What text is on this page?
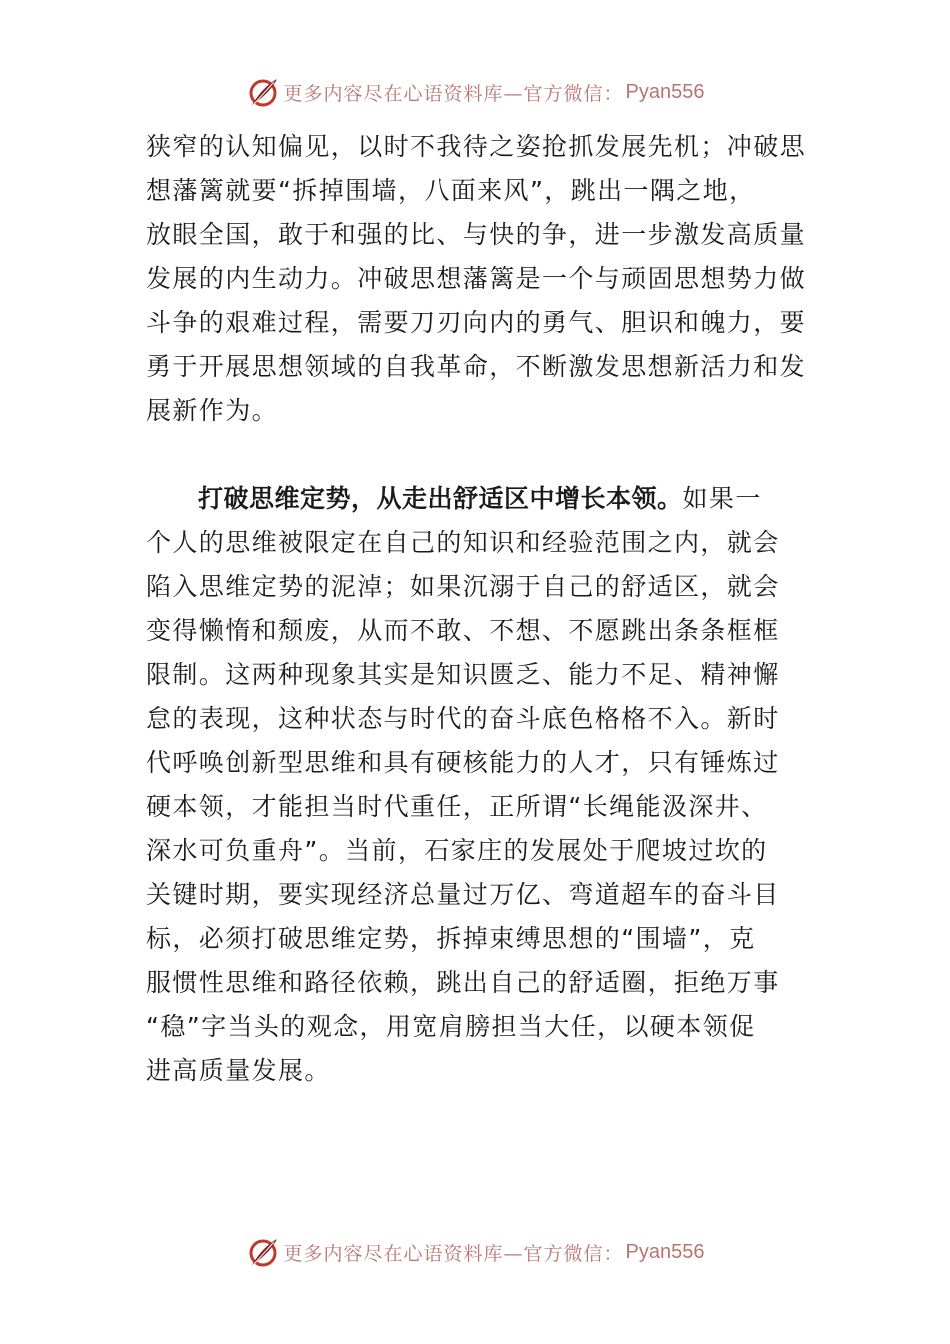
更多内容尽在心语资料库—官方微信： Pyan556
狭窄的认知偏见，以时不我待之姿抢抓发展先机；冲破思
想藩篱就要“拆掉围墙，八面来风”，跳出一隅之地，
放眼全国，敢于和强的比、与快的争，进一步激发高质量
发展的内生动力。冲破思想藩篱是一个与顽固思想势力做
斗争的艰难过程，需要刀刃向内的勇气、胆识和魄力，要
勇于开展思想领域的自我革命，不断激发思想新活力和发
展新作为。
打破思维定势，从走出舒适区中增长本领。如果一
个人的思维被限定在自己的知识和经验范围之内，就会
陷入思维定势的泥淖；如果沉溺于自己的舒适区，就会
变得懒惰和颓废，从而不敢、不想、不愿跳出条条框框
限制。这两种现象其实是知识匮乏、能力不足、精神懈
怠的表现，这种状态与时代的奋斗底色格格不入。新时
代呼唤创新型思维和具有硬核能力的人才，只有锤炼过
硬本领，才能担当时代重任，正所谓“长绳能汲深井、
深水可负重舟”。当前，石家庄的发展处于爬坡过坎的
关键时期，要实现经济总量过万亿、弯道超车的奋斗目
标，必须打破思维定势，拆掉束缚思想的“围墙”，克
服惯性思维和路径依赖，跳出自己的舒适圈，拒绝万事
“稳”字当头的观念，用宽肩膀担当大任，以硬本领促
进高质量发展。
更多内容尽在心语资料库—官方微信： Pyan556
